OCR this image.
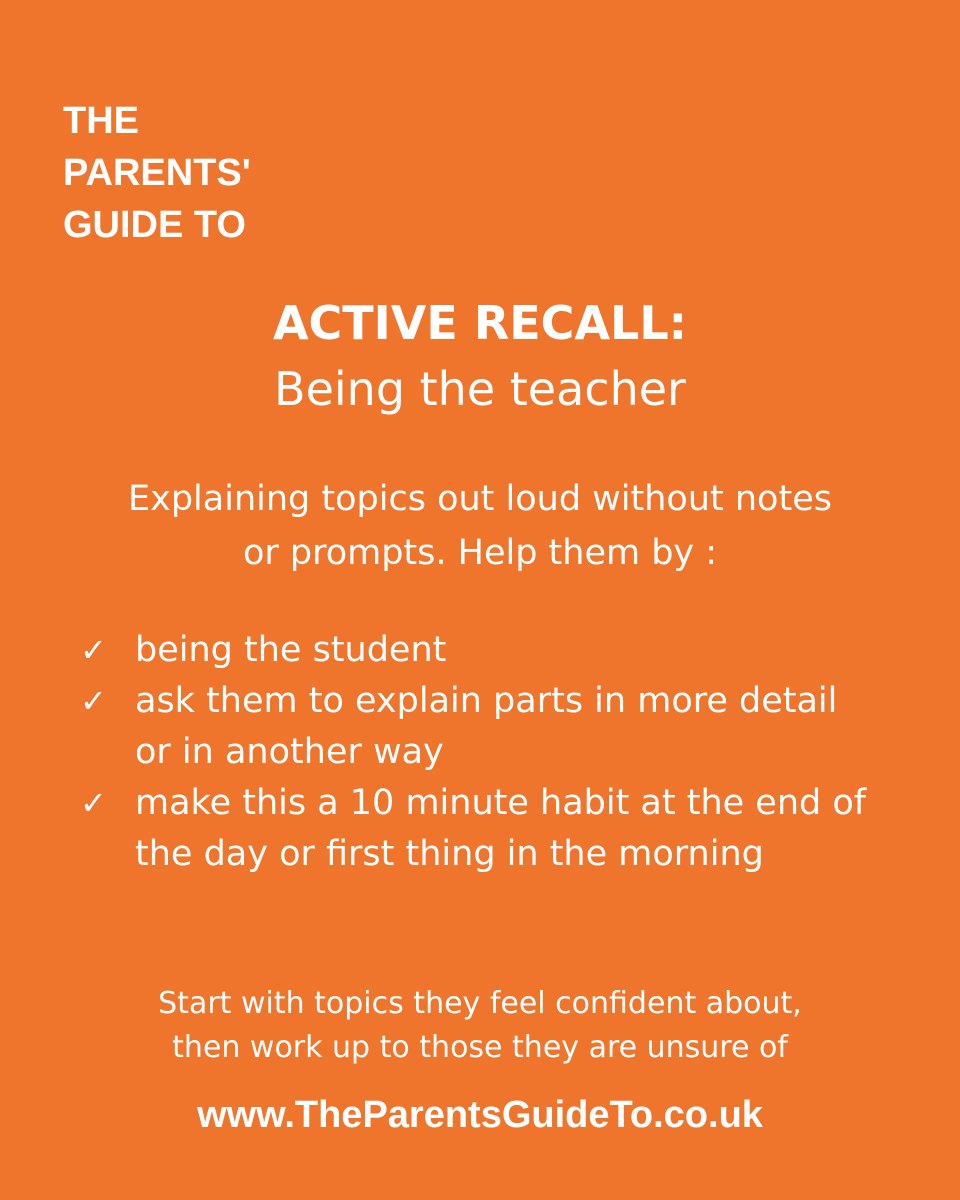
THE
PARENTS'
GUIDE TO
ACTIVE RECALL:
Being the teacher
Explaining topics out loud without notes
or prompts. Help them by :
✓ being the student
✓ ask them to explain parts in more detail or in another way
✓ make this a 10 minute habit at the end of the day or first thing in the morning
Start with topics they feel confident about,
then work up to those they are unsure of
www.TheParentsGuideTo.co.uk
